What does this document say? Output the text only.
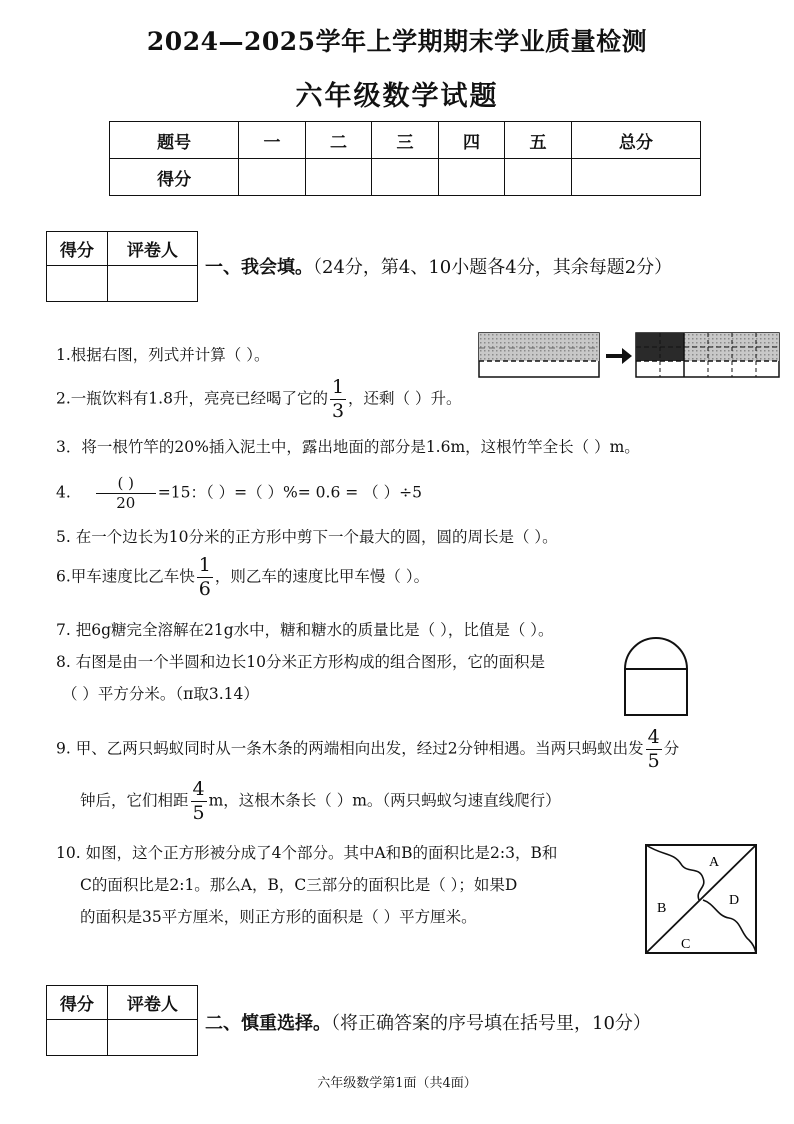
2024—2025学年上学期期末学业质量检测
六年级数学试题
题号	一	二	三	四	五	总分
得分						
得分	评卷人

一、我会填。（24分，第4、10小题各4分，其余每题2分）
1.根据右图，列式并计算（ ）。
2.一瓶饮料有1.8升，亮亮已经喝了它的 $\frac{1}{3}$ ，还剩（ ）升。
3．将一根竹竿的20%插入泥土中，露出地面的部分是1.6m，这根竹竿全长（ ）m。
4. $\frac{( )}{20} =15$：（ ）=（ ）%= 0.6 = （ ）÷5
5. 在一个边长为10分米的正方形中剪下一个最大的圆，圆的周长是（ ）。
6.甲车速度比乙车快 $\frac{1}{6}$ ，则乙车的速度比甲车慢（ ）。
7. 把6g糖完全溶解在21g水中，糖和糖水的质量比是（ ），比值是（ ）。
8. 右图是由一个半圆和边长10分米正方形构成的组合图形，它的面积是
（ ）平方分米。（π取3.14）
9. 甲、乙两只蚂蚁同时从一条木条的两端相向出发，经过2分钟相遇。当两只蚂蚁出发 $\frac{4}{5}$ 分
钟后，它们相距 $\frac{4}{5}$ m，这根木条长（ ）m。（两只蚂蚁匀速直线爬行）
10. 如图，这个正方形被分成了4个部分。其中A和B的面积比是2:3，B和
C的面积比是2:1。那么A，B，C三部分的面积比是（ ）；如果D
的面积是35平方厘米，则正方形的面积是（ ）平方厘米。
A
B
C
D
得分	评卷人

二、慎重选择。（将正确答案的序号填在括号里，10分）
六年级数学第1面（共4面）
